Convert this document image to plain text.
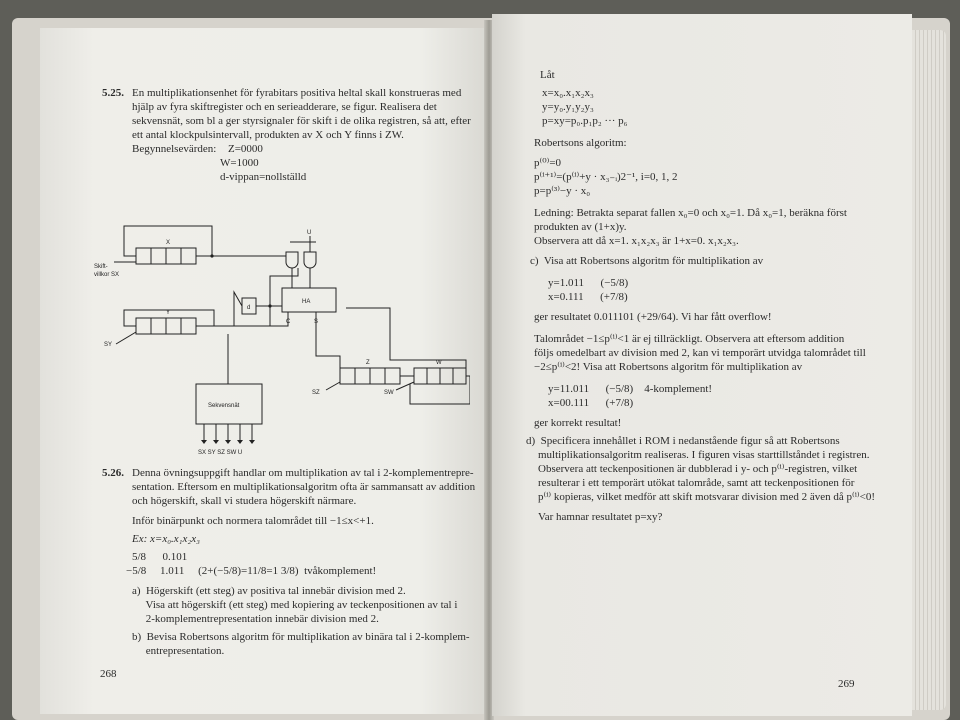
5.25. En multiplikationsenhet för fyrabitars positiva heltal skall konstrueras med
hjälp av fyra skiftregister och en serieadderare, se figur. Realisera det
sekvensnät, som bl a ger styrsignaler för skift i de olika registren, så att, efter
ett antal klockpulsintervall, produkten av X och Y finns i ZW.
Begynnelsevärden: Z=0000
W=1000
d-vippan=nollställd
X
Y
Z	W
Skift-
villkor SX
SY
SZ	SW
U
HA
C	S
d
Sekvensnät
SX SY SZ SW U
5.26. Denna övningsuppgift handlar om multiplikation av tal i 2-komplementrepre-
sentation. Eftersom en multiplikationsalgoritm ofta är sammansatt av addition
och högerskift, skall vi studera högerskift närmare.
Inför binärpunkt och normera talområdet till −1≤x<+1.
Ex: x=x₀.x₁x₂x₃
5/8      0.101
−5/8     1.011     (2+(−5/8)=11/8=1 3/8)  tvåkomplement!
a)  Högerskift (ett steg) av positiva tal innebär division med 2.
Visa att högerskift (ett steg) med kopiering av teckenpositionen av tal i
2-komplementrepresentation innebär division med 2.
b)  Bevisa Robertsons algoritm för multiplikation av binära tal i 2-komplem-
entrepresentation.
268
Låt
x=x₀.x₁x₂x₃
y=y₀.y₁y₂y₃
p=xy=p₀.p₁p₂ ··· p₆
Robertsons algoritm:
p⁽⁰⁾=0
p⁽ⁱ⁺¹⁾=(p⁽ⁱ⁾+y · x₃₋ᵢ)2⁻¹, i=0, 1, 2
p=p⁽³⁾−y · x₀
Ledning: Betrakta separat fallen x₀=0 och x₀=1. Då x₀=1, beräkna först
produkten av (1+x)y.
Observera att då x=1. x₁x₂x₃ är 1+x=0. x₁x₂x₃.
c)  Visa att Robertsons algoritm för multiplikation av
y=1.011      (−5/8)
x=0.111      (+7/8)
ger resultatet 0.011101 (+29/64). Vi har fått overflow!
Talområdet −1≤p⁽ⁱ⁾<1 är ej tillräckligt. Observera att eftersom addition
följs omedelbart av division med 2, kan vi temporärt utvidga talområdet till
−2≤p⁽ⁱ⁾<2! Visa att Robertsons algoritm för multiplikation av
y=11.011      (−5/8)    4-komplement!
x=00.111      (+7/8)
ger korrekt resultat!
d)  Specificera innehållet i ROM i nedanstående figur så att Robertsons
multiplikationsalgoritm realiseras. I figuren visas starttillståndet i registren.
Observera att teckenpositionen är dubblerad i y- och p⁽ⁱ⁾-registren, vilket
resulterar i ett temporärt utökat talområde, samt att teckenpositionen för
p⁽ⁱ⁾ kopieras, vilket medför att skift motsvarar division med 2 även då p⁽ⁱ⁾<0!
Var hamnar resultatet p=xy?
269
